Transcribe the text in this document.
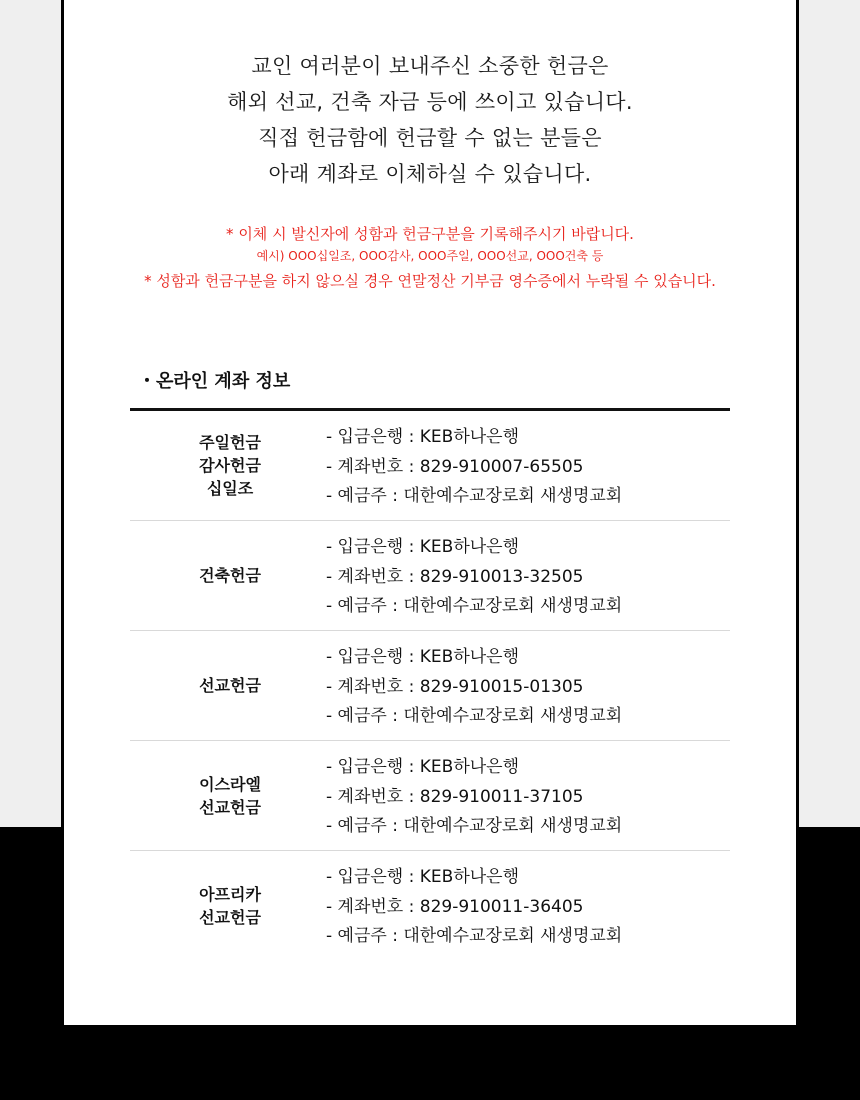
교인 여러분이 보내주신 소중한 헌금은
해외 선교, 건축 자금 등에 쓰이고 있습니다.
직접 헌금함에 헌금할 수 없는 분들은
아래 계좌로 이체하실 수 있습니다.
* 이체 시 발신자에 성함과 헌금구분을 기록해주시기 바랍니다.
예시) OOO십일조, OOO감사, OOO주일, OOO선교, OOO건축 등
* 성함과 헌금구분을 하지 않으실 경우 연말정산 기부금 영수증에서 누락될 수 있습니다.
・온라인 계좌 정보
주일헌금
감사헌금
십일조
- 입금은행 : KEB하나은행
- 계좌번호 : 829-910007-65505
- 예금주 : 대한예수교장로회 새생명교회
건축헌금
- 입금은행 : KEB하나은행
- 계좌번호 : 829-910013-32505
- 예금주 : 대한예수교장로회 새생명교회
선교헌금
- 입금은행 : KEB하나은행
- 계좌번호 : 829-910015-01305
- 예금주 : 대한예수교장로회 새생명교회
이스라엘
선교헌금
- 입금은행 : KEB하나은행
- 계좌번호 : 829-910011-37105
- 예금주 : 대한예수교장로회 새생명교회
아프리카
선교헌금
- 입금은행 : KEB하나은행
- 계좌번호 : 829-910011-36405
- 예금주 : 대한예수교장로회 새생명교회
